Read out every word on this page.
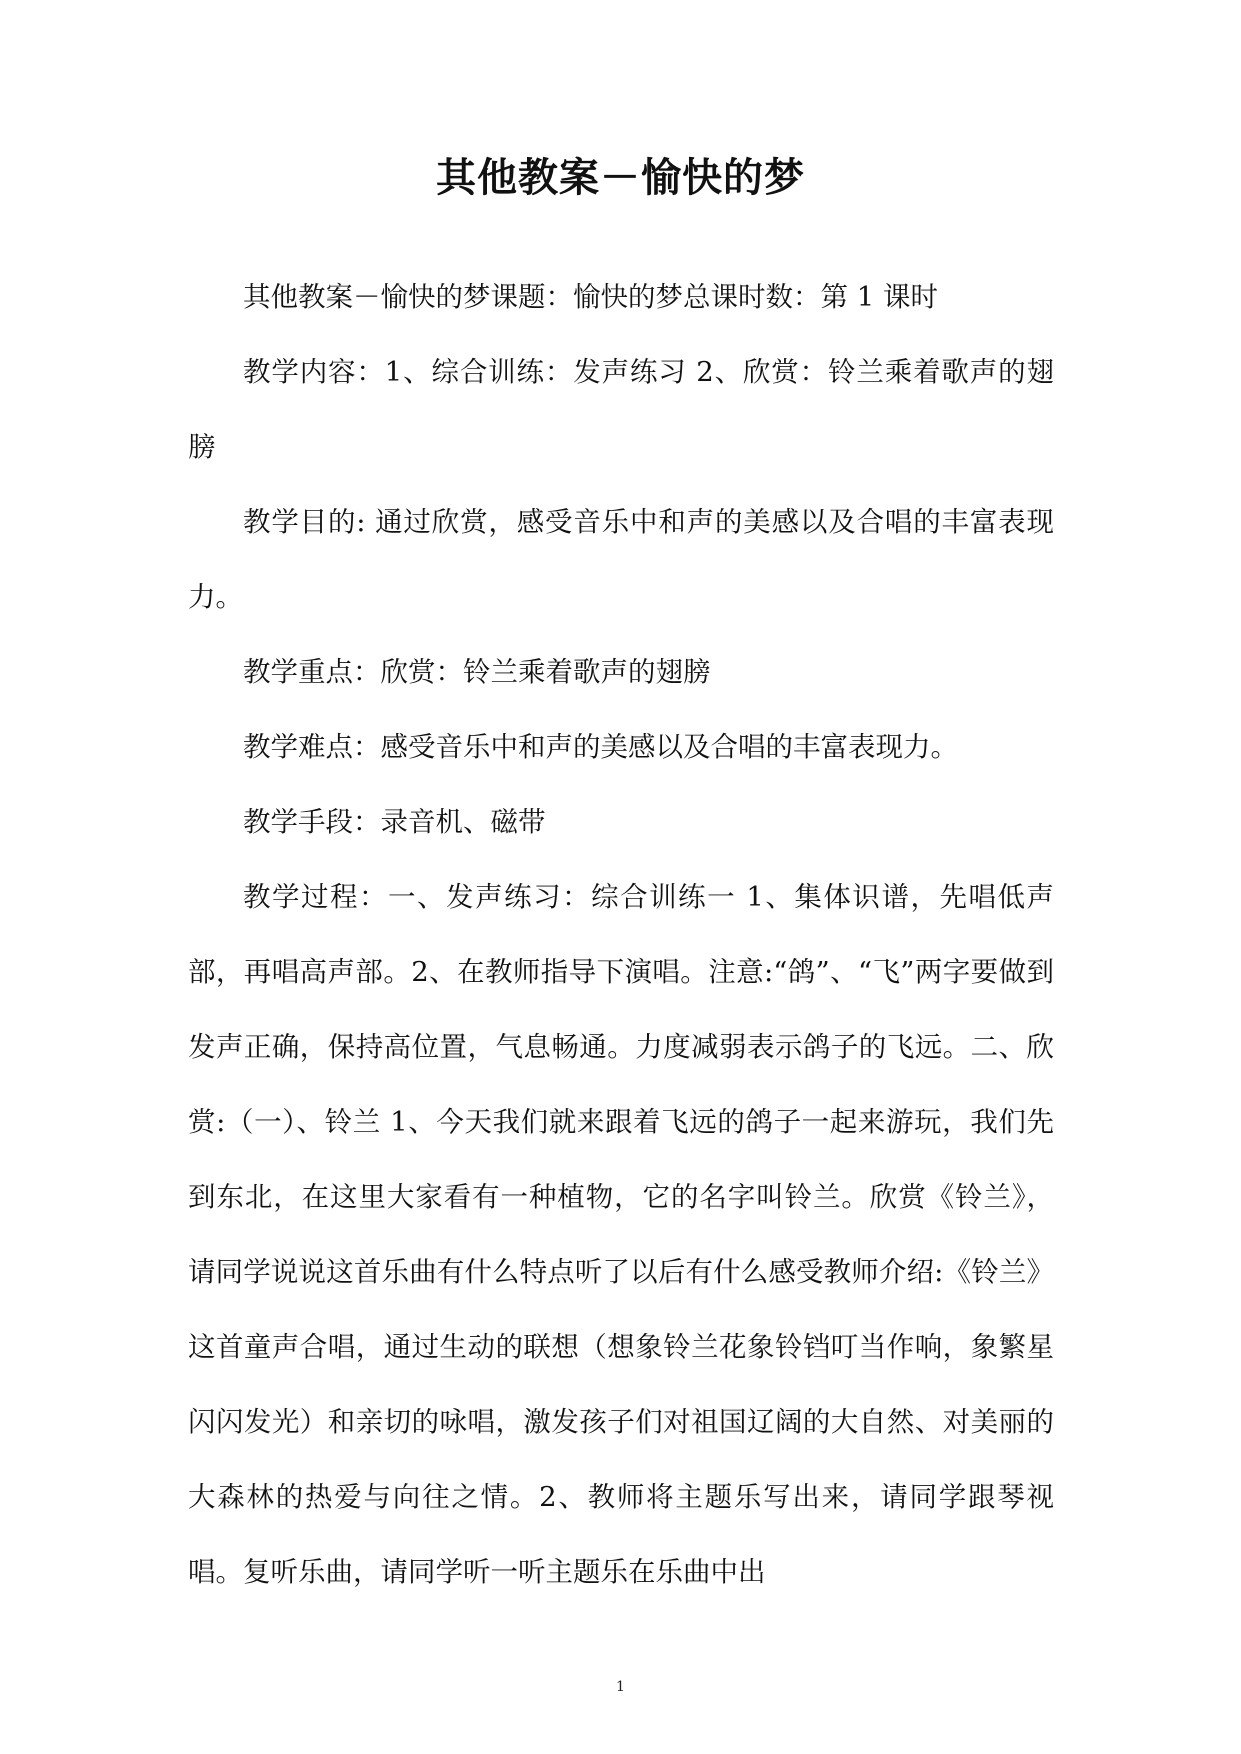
其他教案－愉快的梦

其他教案－愉快的梦课题：愉快的梦总课时数：第 1 课时

教学内容：1、综合训练：发声练习 2、欣赏：铃兰乘着歌声的翅膀

教学目的: 通过欣赏，感受音乐中和声的美感以及合唱的丰富表现力。

教学重点：欣赏：铃兰乘着歌声的翅膀

教学难点：感受音乐中和声的美感以及合唱的丰富表现力。

教学手段：录音机、磁带

教学过程：一、发声练习：综合训练一 1、集体识谱，先唱低声部，再唱高声部。2、在教师指导下演唱。注意:“鸽”、“飞”两字要做到发声正确，保持高位置，气息畅通。力度减弱表示鸽子的飞远。二、欣赏:（一）、铃兰 1、今天我们就来跟着飞远的鸽子一起来游玩，我们先到东北，在这里大家看有一种植物，它的名字叫铃兰。欣赏《铃兰》，请同学说说这首乐曲有什么特点听了以后有什么感受教师介绍:《铃兰》这首童声合唱，通过生动的联想（想象铃兰花象铃铛叮当作响，象繁星闪闪发光）和亲切的咏唱，激发孩子们对祖国辽阔的大自然、对美丽的大森林的热爱与向往之情。2、教师将主题乐写出来，请同学跟琴视唱。复听乐曲，请同学听一听主题乐在乐曲中出

1
